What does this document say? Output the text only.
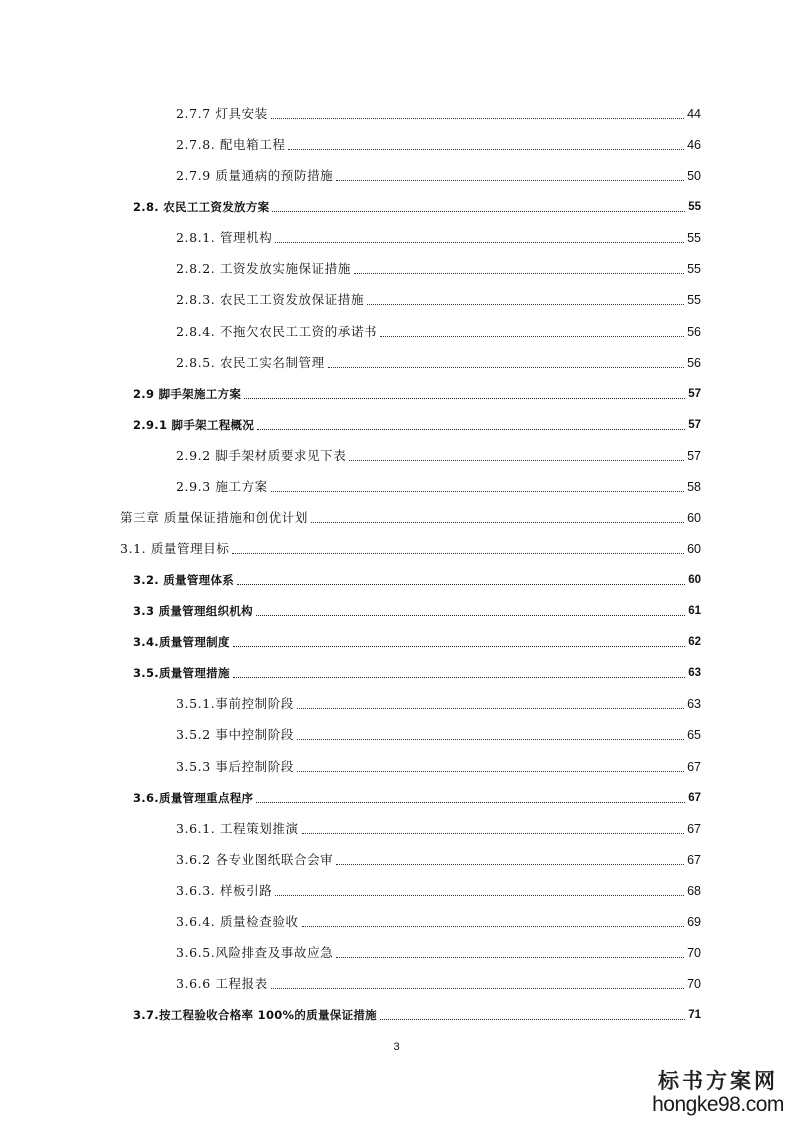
2.7.7 灯具安装	44
2.7.8. 配电箱工程	46
2.7.9 质量通病的预防措施	50
2.8. 农民工工资发放方案	55
2.8.1. 管理机构	55
2.8.2. 工资发放实施保证措施	55
2.8.3. 农民工工资发放保证措施	55
2.8.4. 不拖欠农民工工资的承诺书	56
2.8.5. 农民工实名制管理	56
2.9 脚手架施工方案	57
2.9.1 脚手架工程概况	57
2.9.2 脚手架材质要求见下表	57
2.9.3 施工方案	58
第三章 质量保证措施和创优计划	60
3.1. 质量管理目标	60
3.2. 质量管理体系	60
3.3 质量管理组织机构	61
3.4.质量管理制度	62
3.5.质量管理措施	63
3.5.1.事前控制阶段	63
3.5.2 事中控制阶段	65
3.5.3 事后控制阶段	67
3.6.质量管理重点程序	67
3.6.1. 工程策划推演	67
3.6.2 各专业图纸联合会审	67
3.6.3. 样板引路	68
3.6.4. 质量检查验收	69
3.6.5.风险排查及事故应急	70
3.6.6 工程报表	70
3.7.按工程验收合格率 100%的质量保证措施	71
3
标书方案网
hongke98.com
